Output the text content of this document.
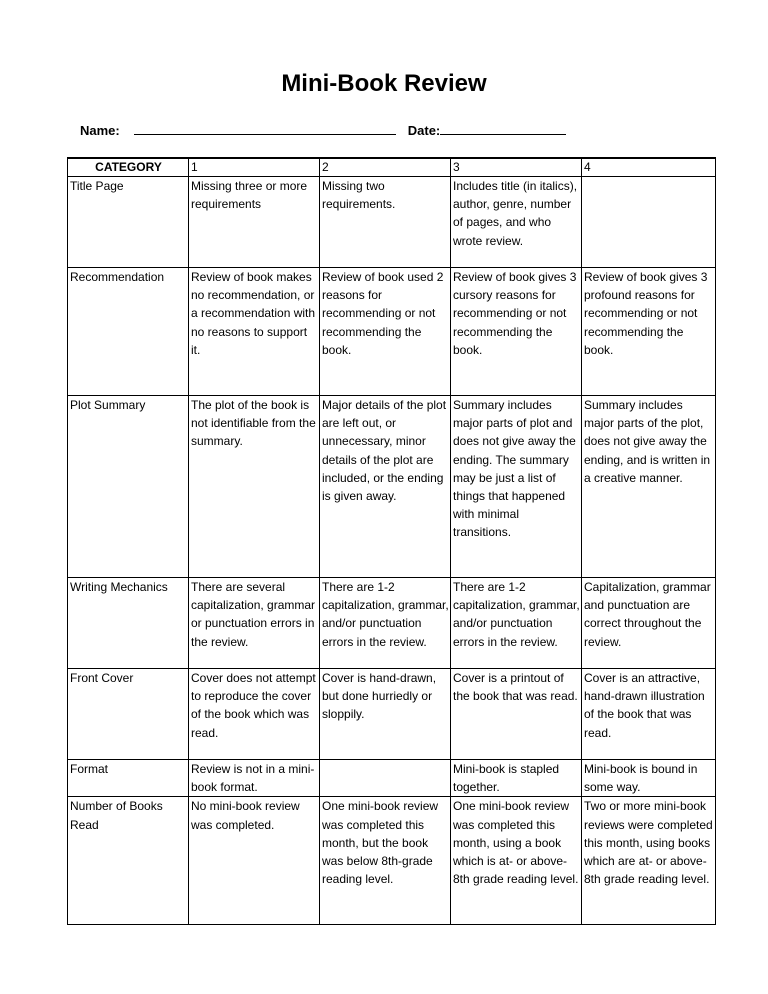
Mini-Book Review
Name:	Date:
CATEGORY	1	2	3	4
Title Page	Missing three or more requirements	Missing two requirements.	Includes title (in italics), author, genre, number of pages, and who wrote review.	
Recommendation	Review of book makes no recommendation, or a recommendation with no reasons to support it.	Review of book used 2 reasons for recommending or not recommending the book.	Review of book gives 3 cursory reasons for recommending or not recommending the book.	Review of book gives 3 profound reasons for recommending or not recommending the book.
Plot Summary	The plot of the book is not identifiable from the summary.	Major details of the plot are left out, or unnecessary, minor details of the plot are included, or the ending is given away.	Summary includes major parts of plot and does not give away the ending. The summary may be just a list of things that happened with minimal transitions.	Summary includes major parts of the plot, does not give away the ending, and is written in a creative manner.
Writing Mechanics	There are several capitalization, grammar or punctuation errors in the review.	There are 1-2 capitalization, grammar, and/or punctuation errors in the review.	There are 1-2 capitalization, grammar, and/or punctuation errors in the review.	Capitalization, grammar and punctuation are correct throughout the review.
Front Cover	Cover does not attempt to reproduce the cover of the book which was read.	Cover is hand-drawn, but done hurriedly or sloppily.	Cover is a printout of the book that was read.	Cover is an attractive, hand-drawn illustration of the book that was read.
Format	Review is not in a mini-book format.		Mini-book is stapled together.	Mini-book is bound in some way.
Number of Books Read	No mini-book review was completed.	One mini-book review was completed this month, but the book was below 8th-grade reading level.	One mini-book review was completed this month, using a book which is at- or above-8th grade reading level.	Two or more mini-book reviews were completed this month, using books which are at- or above-8th grade reading level.
